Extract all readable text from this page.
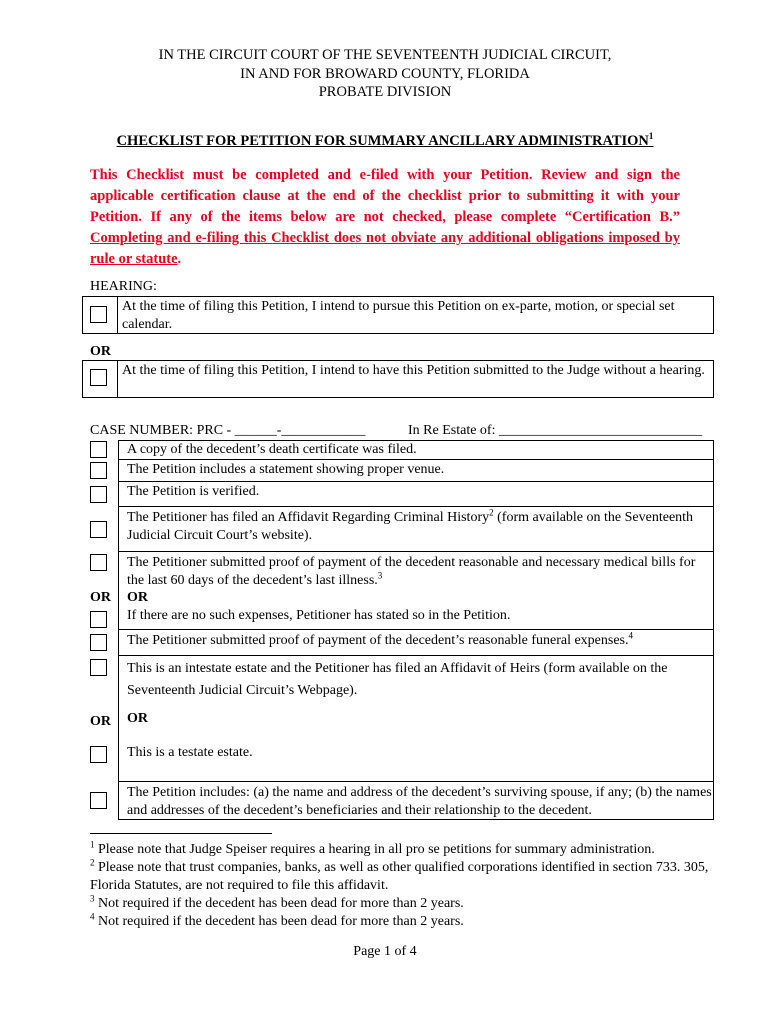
IN THE CIRCUIT COURT OF THE SEVENTEENTH JUDICIAL CIRCUIT,
IN AND FOR BROWARD COUNTY, FLORIDA
PROBATE DIVISION
CHECKLIST FOR PETITION FOR SUMMARY ANCILLARY ADMINISTRATION$^1$
This Checklist must be completed and e-filed with your Petition. Review and sign the applicable certification clause at the end of the checklist prior to submitting it with your Petition. If any of the items below are not checked, please complete “Certification B.” Completing and e-filing this Checklist does not obviate any additional obligations imposed by rule or statute.
HEARING:
At the time of filing this Petition, I intend to pursue this Petition on ex-parte, motion, or special set calendar.
OR
At the time of filing this Petition, I intend to have this Petition submitted to the Judge without a hearing.
CASE NUMBER: PRC - ______-____________	In Re Estate of: _____________________________
A copy of the decedent’s death certificate was filed.
The Petition includes a statement showing proper venue.
The Petition is verified.
The Petitioner has filed an Affidavit Regarding Criminal History$^2$ (form available on the Seventeenth Judicial Circuit Court’s website).
The Petitioner submitted proof of payment of the decedent reasonable and necessary medical bills for the last 60 days of the decedent’s last illness.$^3$
OR OR
If there are no such expenses, Petitioner has stated so in the Petition.
The Petitioner submitted proof of payment of the decedent’s reasonable funeral expenses.$^4$
This is an intestate estate and the Petitioner has filed an Affidavit of Heirs (form available on the Seventeenth Judicial Circuit’s Webpage).
OR OR
This is a testate estate.
The Petition includes: (a) the name and address of the decedent’s surviving spouse, if any; (b) the names and addresses of the decedent’s beneficiaries and their relationship to the decedent.
$^1$ Please note that Judge Speiser requires a hearing in all pro se petitions for summary administration.
$^2$ Please note that trust companies, banks, as well as other qualified corporations identified in section 733. 305, Florida Statutes, are not required to file this affidavit.
$^3$ Not required if the decedent has been dead for more than 2 years.
$^4$ Not required if the decedent has been dead for more than 2 years.
Page 1 of 4
